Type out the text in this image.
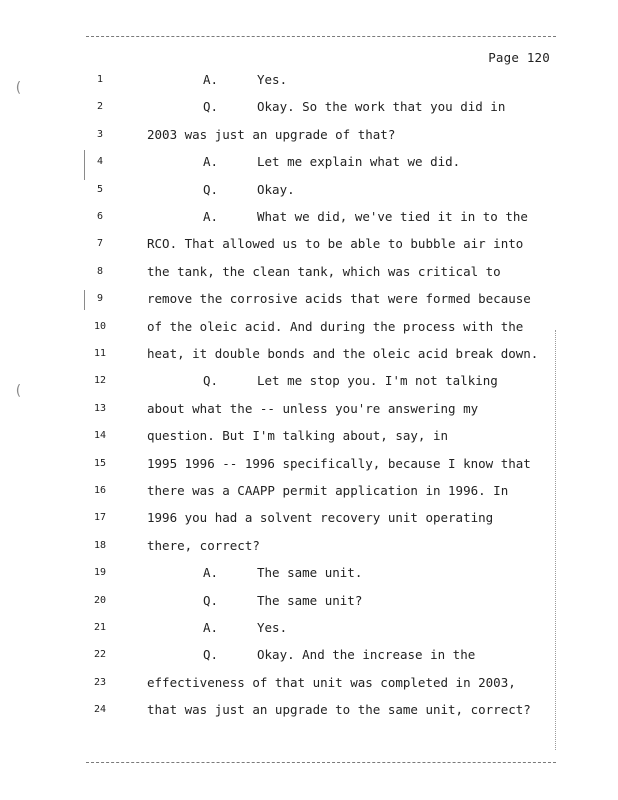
Page 120
(
(
1	A.	Yes.
2	Q.	Okay. So the work that you did in
3	2003 was just an upgrade of that?
4	A.	Let me explain what we did.
5	Q.	Okay.
6	A.	What we did, we've tied it in to the
7	RCO. That allowed us to be able to bubble air into
8	the tank, the clean tank, which was critical to
9	remove the corrosive acids that were formed because
10	of the oleic acid. And during the process with the
11	heat, it double bonds and the oleic acid break down.
12	Q.	Let me stop you. I'm not talking
13	about what the -- unless you're answering my
14	question. But I'm talking about, say, in
15	1995 1996 -- 1996 specifically, because I know that
16	there was a CAAPP permit application in 1996. In
17	1996 you had a solvent recovery unit operating
18	there, correct?
19	A.	The same unit.
20	Q.	The same unit?
21	A.	Yes.
22	Q.	Okay. And the increase in the
23	effectiveness of that unit was completed in 2003,
24	that was just an upgrade to the same unit, correct?
